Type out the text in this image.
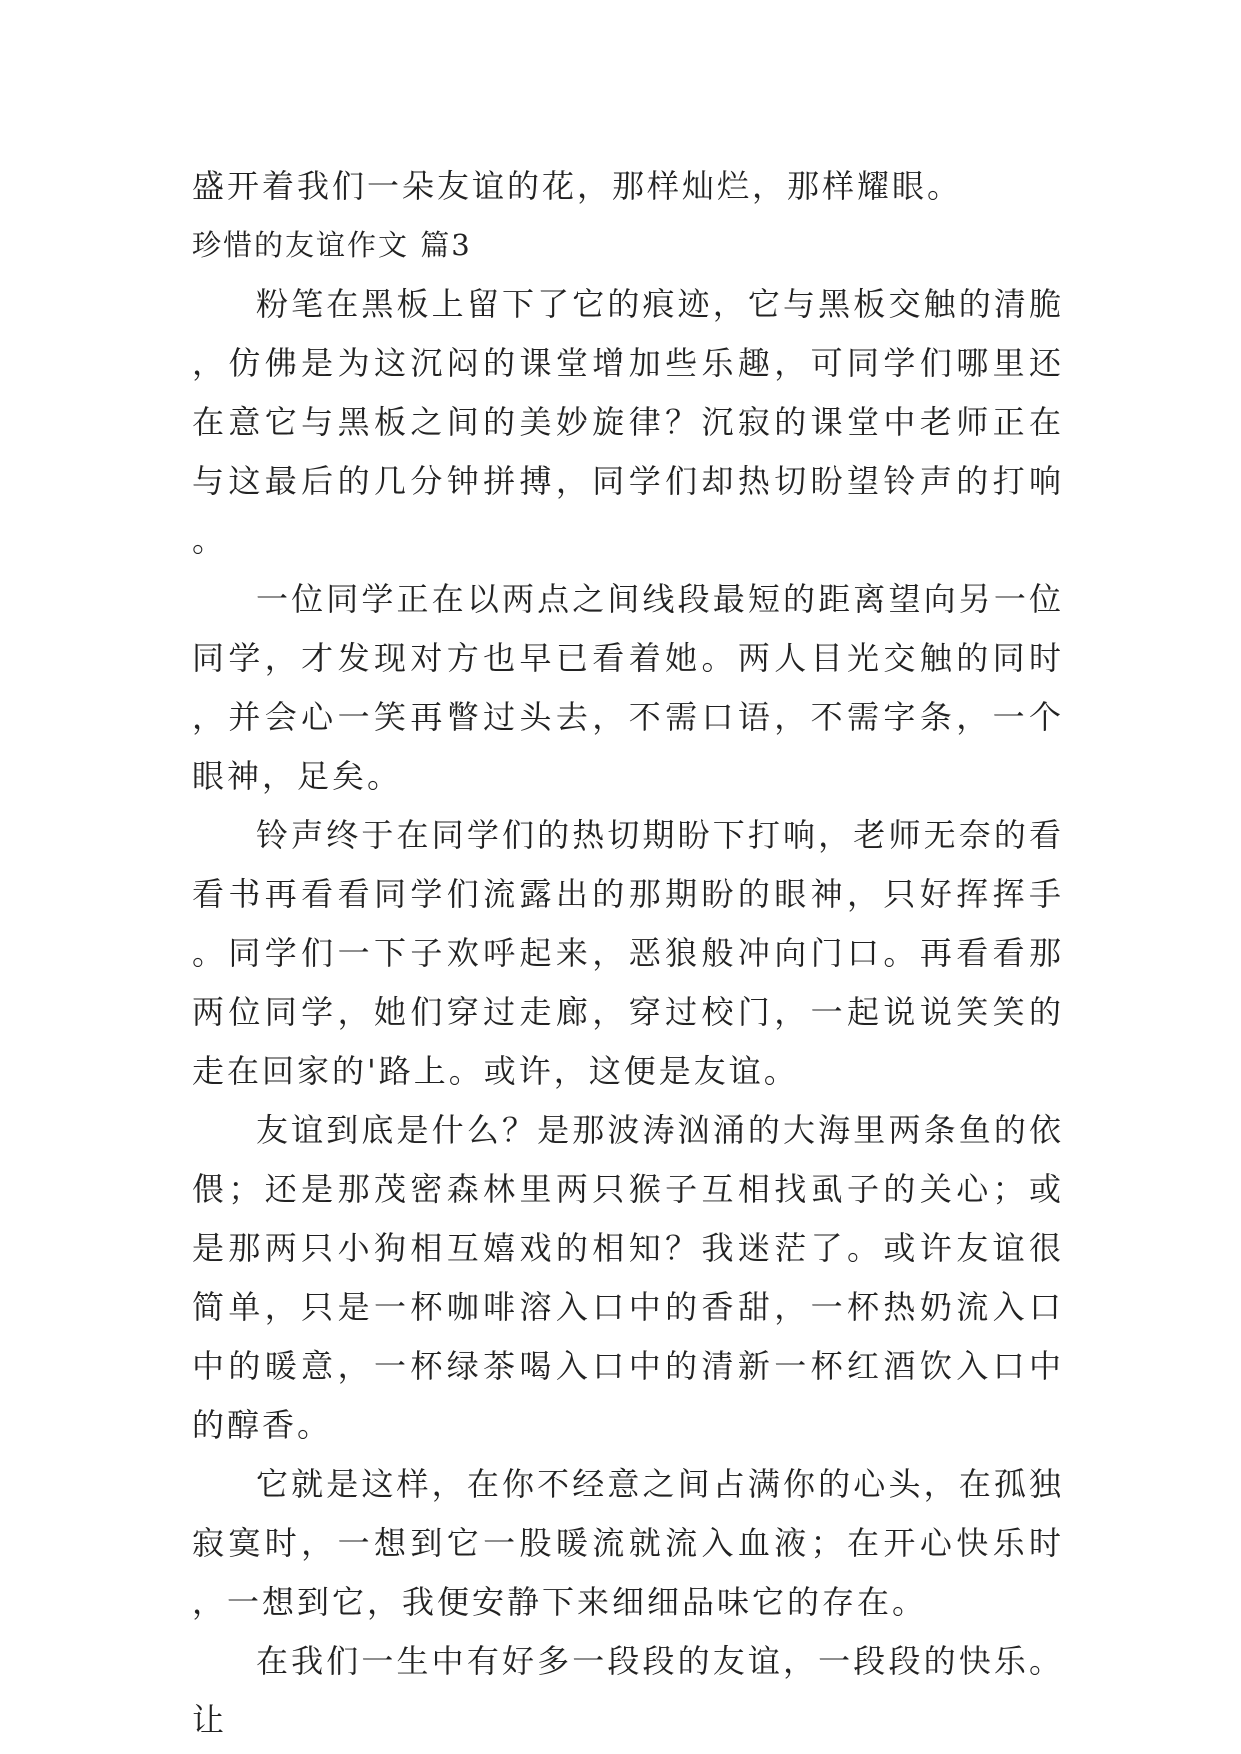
盛开着我们一朵友谊的花，那样灿烂，那样耀眼。

珍惜的友谊作文 篇3

粉笔在黑板上留下了它的痕迹，它与黑板交触的清脆，仿佛是为这沉闷的课堂增加些乐趣，可同学们哪里还在意它与黑板之间的美妙旋律？沉寂的课堂中老师正在与这最后的几分钟拼搏，同学们却热切盼望铃声的打响。

一位同学正在以两点之间线段最短的距离望向另一位同学，才发现对方也早已看着她。两人目光交触的同时，并会心一笑再瞥过头去，不需口语，不需字条，一个眼神，足矣。

铃声终于在同学们的热切期盼下打响，老师无奈的看看书再看看同学们流露出的那期盼的眼神，只好挥挥手。同学们一下子欢呼起来，恶狼般冲向门口。再看看那两位同学，她们穿过走廊，穿过校门，一起说说笑笑的走在回家的'路上。或许，这便是友谊。

友谊到底是什么？是那波涛汹涌的大海里两条鱼的依偎；还是那茂密森林里两只猴子互相找虱子的关心；或是那两只小狗相互嬉戏的相知？我迷茫了。或许友谊很简单，只是一杯咖啡溶入口中的香甜，一杯热奶流入口中的暖意，一杯绿茶喝入口中的清新一杯红酒饮入口中的醇香。

它就是这样，在你不经意之间占满你的心头，在孤独寂寞时，一想到它一股暖流就流入血液；在开心快乐时，一想到它，我便安静下来细细品味它的存在。

在我们一生中有好多一段段的友谊，一段段的快乐。让
